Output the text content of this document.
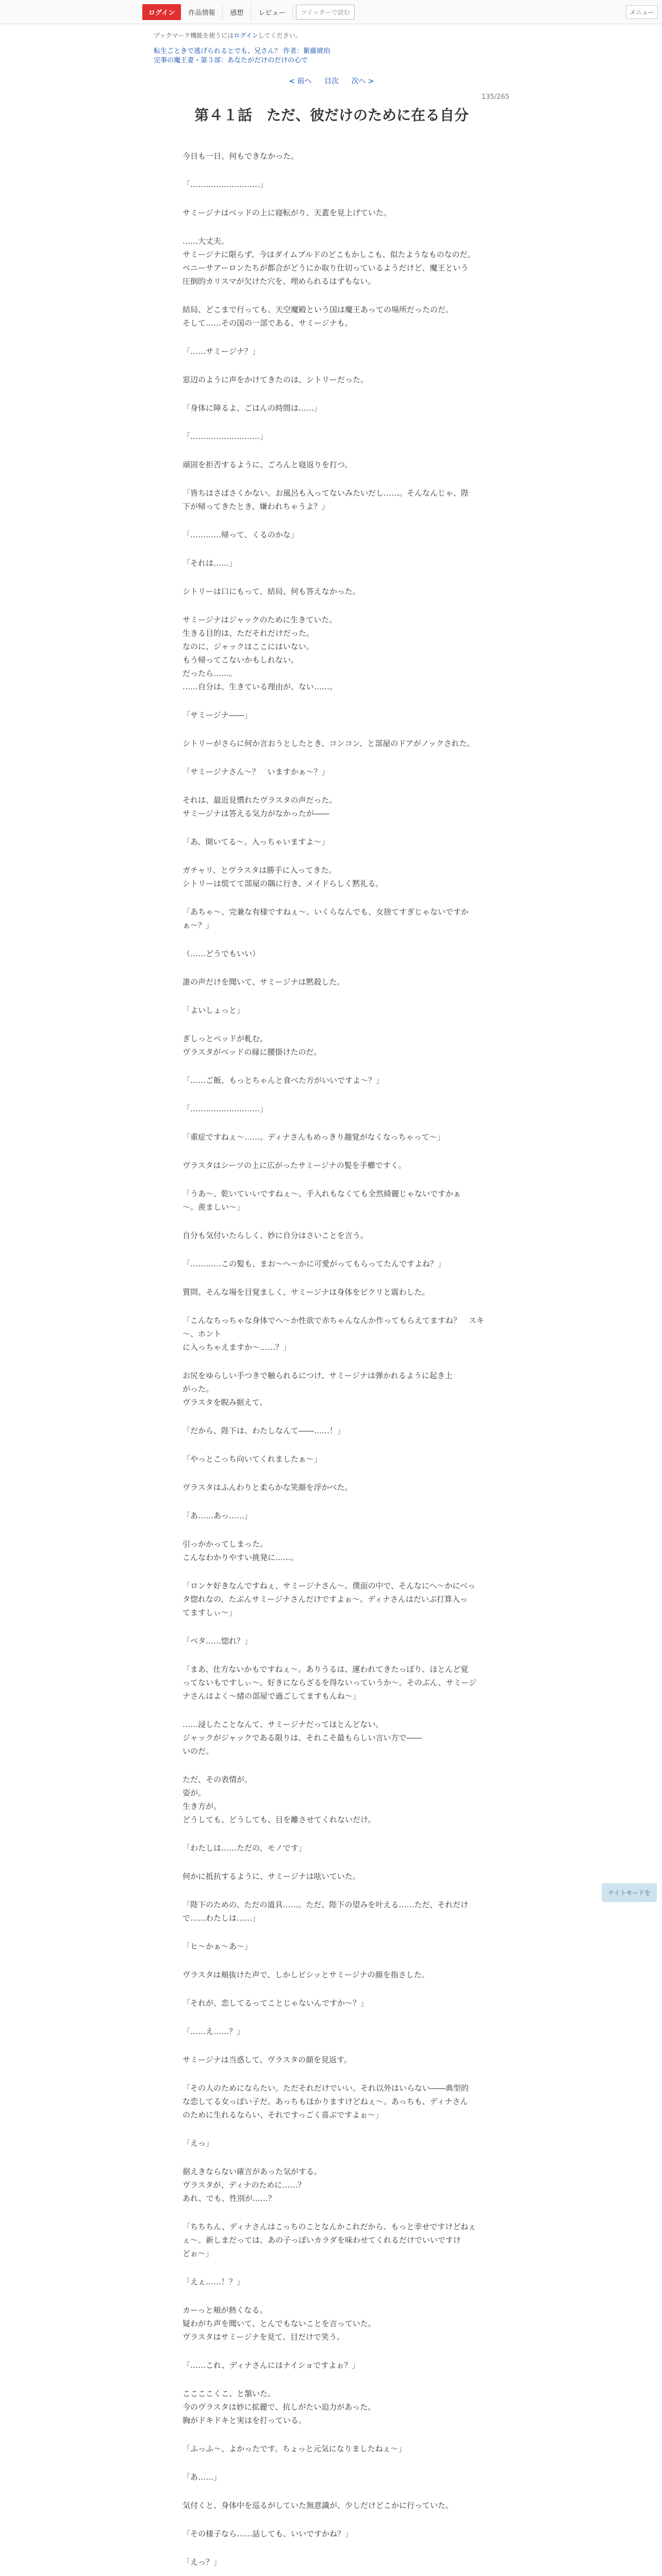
ログイン	作品情報	感想	レビュー	ツイッターで読む	メニュー

ブックマーク機能を使うにはログインしてください。

転生ごときで逃げられるとでも、兄さん？ 作者：紫藤琥珀
完事の魔王妻・第３部：あなたがだけのだけの心で
< 前へ 目次 次へ >

135/265

第４１話　ただ、彼だけのために在る自分

今日も一日、何もできなかった。

「………………………」

サミージナはベッドの上に寝転がり、天蓋を見上げていた。

……大丈夫。
サミージナに限らず、今はダイムプルドのどこもかしこも、似たようなものなのだ。
ベニーサアーロンたちが都合がどうにか取り仕切っているようだけど、魔王という
圧倒的カリスマが欠けた穴を、埋められるはずもない。

結局、どこまで行っても、天空魔殿という国は魔王あっての場所だったのだ。
そして……その国の一部である、サミージナも。

「……サミージナ？」

窓辺のように声をかけてきたのは、シトリーだった。

「身体に障るよ、ごはんの時間は……」

「………………………」

頑固を拒否するように、ごろんと寝返りを打つ。

「皆ちはさばさくかない。お風呂も入ってないみたいだし……。そんなんじゃ、陛
下が帰ってきたとき、嫌われちゃうよ？」

「…………帰って、くるのかな」

「それは……」

シトリーは口にもって、結局、何も答えなかった。

サミージナはジャックのために生きていた。
生きる目的は、ただそれだけだった。
なのに、ジャックはここにはいない。
もう帰ってこないかもしれない。
だったら……。
……自分は、生きている理由が、ない……。

「サミージナ――」

シトリーがさらに何か言おうとしたとき、コンコン、と部屋のドアがノックされた。

「サミージナさん～？　いますかぁ～？」

それは、最近見慣れたヴラスタの声だった。
サミージナは答える気力がなかったが――

「あ、開いてる～。入っちゃいますよ～」

ガチャリ、とヴラスタは勝手に入ってきた。
シトリーは慌てて部屋の隅に行き、メイドらしく黙礼る。

「あちゃ～、完兼な有様ですねぇ～。いくらなんでも、女捨てすぎじゃないですか
ぁ～？」

（……どうでもいい）

誰の声だけを聞いて、サミージナは黙殺した。

「よいしょっと」

ぎしっとベッドが軋む。
ヴラスタがベッドの縁に腰掛けたのだ。

「……ご飯、もっとちゃんと食べた方がいいですよ～？」

「………………………」

「重症ですねぇ～……。ディナさんもめっきり趣覚がなくなっちゃって～」

ヴラスタはシーツの上に広がったサミージナの髪を手櫛ですく。

「うあ～、乾いていいですねぇ～。手入れもなくても全然綺麗じゃないですかぁ
～。羨ましい～」

自分も気付いたらしく、妙に自分はさいことを言う。

「…………この髪も、まお～へ～かに可愛がってもらってたんですよね？」

質問、そんな場を目覚ましく、サミージナは身体をピクリと震わした。

「こんなちっちゃな身体でへ～か性欲で赤ちゃんなんか作ってもらえてますね？　スキ～、ホント
に入っちゃえますか～……？」

お尻をゆらしい手つきで触られるにつけ、サミージナは弾かれるように起き上
がった。
ヴラスタを睨み据えて、

「だから、陛下は、わたしなんて――……！」

「やっとこっち向いてくれましたぁ～」

ヴラスタはふんわりと柔らかな笑顔を浮かべた。

「あ……あっ……」

引っかかってしまった。
こんなわかりやすい挑発に……。

「ロンケ好きなんですねぇ、サミージナさん～。僕面の中で、そんなにへ～かにべっ
タ惚れなの、たぶんサミージナさんだけですよぉ～。ディナさんはだいぶ打算入っ
てますしぃ～」

「ベタ……惚れ？」

「まあ、仕方ないかもですねぇ～。ありうるは、運われてきたっぽり、ほとんど覚
ってないもですしぃ～。好きにならざるを得ないっていうか～。そのぶん、サミージ
ナさんはよく～緒の部屋で過ごしてますもんね～」

……浸したことなんて、サミージナだってほとんどない。
ジャックがジャックである限りは、それこそ最もらしい言い方で――
いのだ。

ただ、その表情が。
姿が。
生き方が。
どうしても、どうしても、目を離させてくれないだけ。

「わたしは……ただの、モノです」

何かに抵抗するように、サミージナは呟いていた。

「陛下のための、ただの道具……。ただ、陛下の望みを叶える……ただ、それだけ
で……わたしは……」

「ヒ～かぁ～あ～」

ヴラスタは頬抜けた声で、しかしピシッとサミージナの顔を指さした。

「それが、恋してるってことじゃないんですか～？」

「……え……？」

サミージナは当惑して、ヴラスタの顔を見返す。

「その人のためにならたい。ただそれだけでいい。それ以外はいらない――典型的
な恋してる女っぽい子だ。あっちもほかりますけどねぇ～。あっちも、ディナさん
のために生れるならい、それですっごく喜ぶですよぉ～」

「えっ」

据えきならない確言があった気がする。
ヴラスタが、ディナのために……？
あれ、でも、性別が……？

「ちちちん、ディナさんはこっちのことなんかこれだから、もっと幸せですけどねぇ
ぇ～。新しまだっては、あの子っぽいカラダを味わせてくれるだけでいいですけ
どぉ～」

「えぇ……！？」

カーっと頬が熱くなる。
疑わがち声を聞いて、とんでもないことを言っていた。
ヴラスタはサミージナを見て、目だけで笑う。

「……これ、ディナさんにはナイショですよぉ？」

ここここくこ、と頷いた。
今のヴラスタは妙に拡麗で、抗しがたい迫力があった。
胸がドキドキと実はを打っている。

「ふっふ～、よかったです。ちょっと元気になりましたねぇ～」

「あ……」

気付くと、身体中を巡るがしていた無意識が、少しだけどこかに行っていた。

「その様子なら……話しても、いいですかね？」

「えっ？」

ナイトモードを
